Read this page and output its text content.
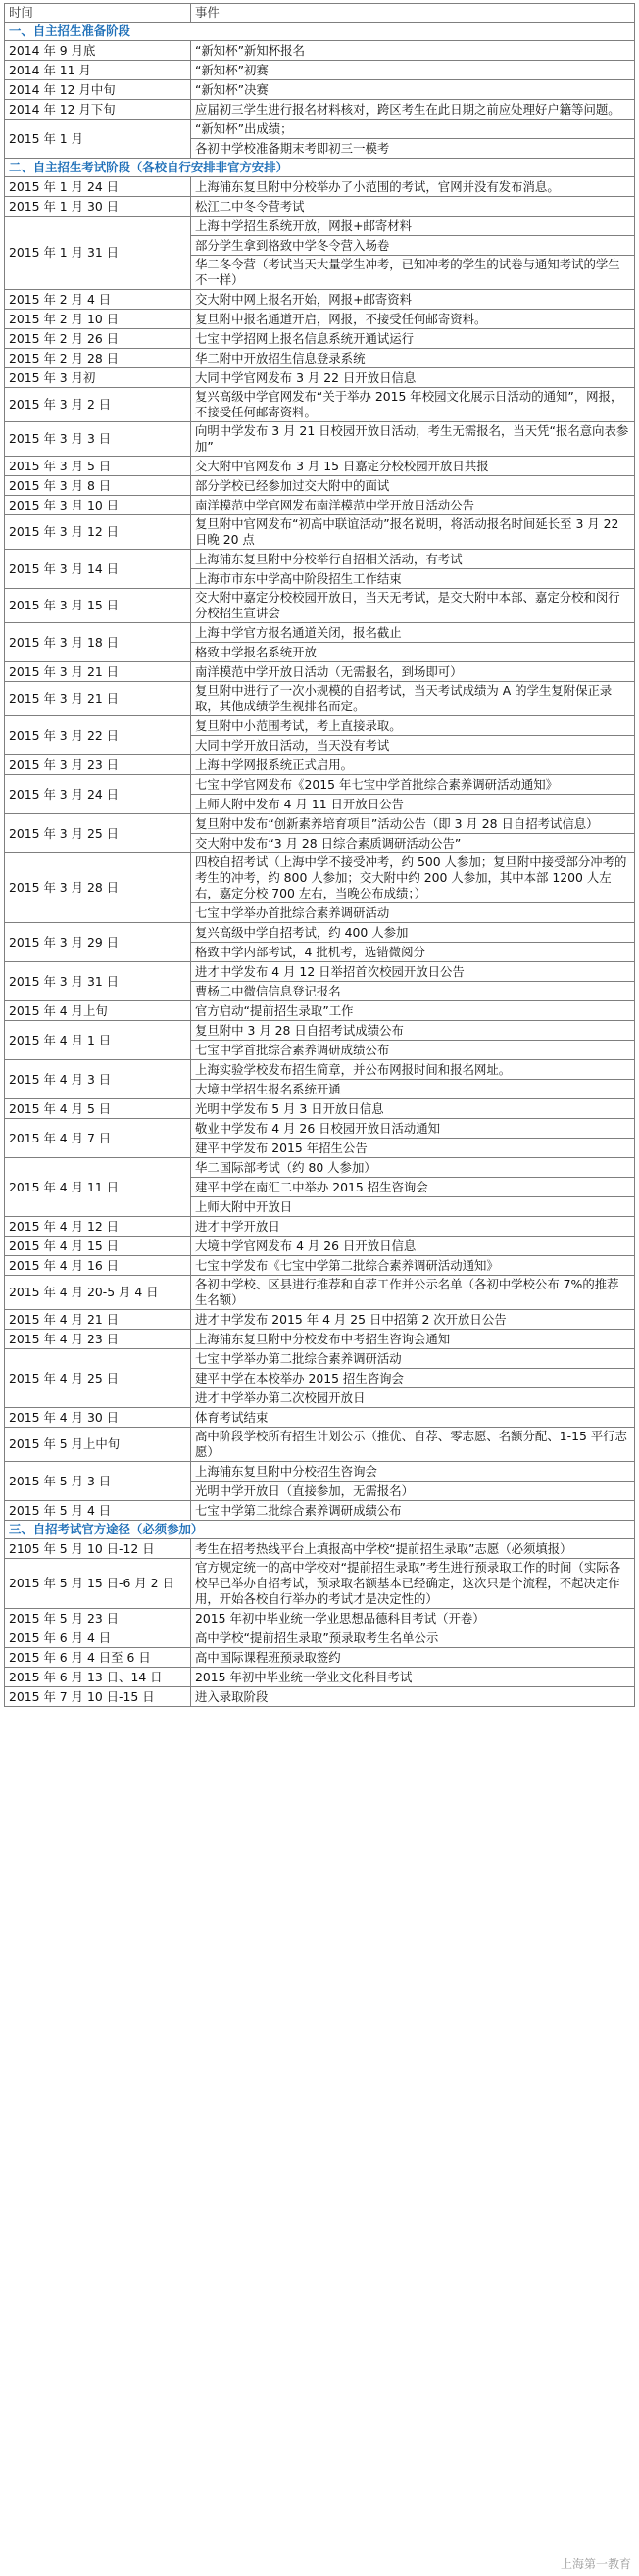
时间	事件
一、自主招生准备阶段	
2014 年 9 月底	“新知杯”新知杯报名
2014 年 11 月	“新知杯”初赛
2014 年 12 月中旬	“新知杯”决赛
2014 年 12 月下旬	应届初三学生进行报名材料核对，跨区考生在此日期之前应处理好户籍等问题。
2015 年 1 月	“新知杯”出成绩；
	各初中学校准备期末考即初三一模考
二、自主招生考试阶段（各校自行安排非官方安排）	
2015 年 1 月 24 日	上海浦东复旦附中分校举办了小范围的考试，官网并没有发布消息。
2015 年 1 月 30 日	松江二中冬令营考试
2015 年 1 月 31 日	上海中学招生系统开放，网报+邮寄材料
	部分学生拿到格致中学冬令营入场卷
	华二冬令营（考试当天大量学生冲考，已知冲考的学生的试卷与通知考试的学生不一样）
2015 年 2 月 4 日	交大附中网上报名开始，网报+邮寄资料
2015 年 2 月 10 日	复旦附中报名通道开启，网报，不接受任何邮寄资料。
2015 年 2 月 26 日	七宝中学招网上报名信息系统开通试运行
2015 年 2 月 28 日	华二附中开放招生信息登录系统
2015 年 3 月初	大同中学官网发布 3 月 22 日开放日信息
2015 年 3 月 2 日	复兴高级中学官网发布“关于举办 2015 年校园文化展示日活动的通知”，网报，不接受任何邮寄资料。
2015 年 3 月 3 日	向明中学发布 3 月 21 日校园开放日活动，考生无需报名，当天凭“报名意向表参加”
2015 年 3 月 5 日	交大附中官网发布 3 月 15 日嘉定分校校园开放日共报
2015 年 3 月 8 日	部分学校已经参加过交大附中的面试
2015 年 3 月 10 日	南洋模范中学官网发布南洋模范中学开放日活动公告
2015 年 3 月 12 日	复旦附中官网发布“初高中联谊活动”报名说明，将活动报名时间延长至 3 月 22 日晚 20 点
2015 年 3 月 14 日	上海浦东复旦附中分校举行自招相关活动，有考试
	上海市市东中学高中阶段招生工作结束
2015 年 3 月 15 日	交大附中嘉定分校校园开放日，当天无考试，是交大附中本部、嘉定分校和闵行分校招生宣讲会
2015 年 3 月 18 日	上海中学官方报名通道关闭，报名截止
	格致中学报名系统开放
2015 年 3 月 21 日	南洋模范中学开放日活动（无需报名，到场即可）
2015 年 3 月 21 日	复旦附中进行了一次小规模的自招考试，当天考试成绩为 A 的学生复附保正录取，其他成绩学生视排名而定。
2015 年 3 月 22 日	复旦附中小范围考试，考上直接录取。
	大同中学开放日活动，当天没有考试
2015 年 3 月 23 日	上海中学网报系统正式启用。
2015 年 3 月 24 日	七宝中学官网发布《2015 年七宝中学首批综合素养调研活动通知》
	上师大附中发布 4 月 11 日开放日公告
2015 年 3 月 25 日	复旦附中发布“创新素养培育项目”活动公告（即 3 月 28 日自招考试信息）
	交大附中发布“3 月 28 日综合素质调研活动公告”
2015 年 3 月 28 日	四校自招考试（上海中学不接受冲考，约 500 人参加；复旦附中接受部分冲考的考生的冲考，约 800 人参加；交大附中约 200 人参加，其中本部 1200 人左右，嘉定分校 700 左右，当晚公布成绩；）
	七宝中学举办首批综合素养调研活动
2015 年 3 月 29 日	复兴高级中学自招考试，约 400 人参加
	格致中学内部考试，4 批机考，选错微阅分
2015 年 3 月 31 日	进才中学发布 4 月 12 日举招首次校园开放日公告
	曹杨二中微信信息登记报名
2015 年 4 月上旬	官方启动“提前招生录取”工作
2015 年 4 月 1 日	复旦附中 3 月 28 日自招考试成绩公布
	七宝中学首批综合素养调研成绩公布
2015 年 4 月 3 日	上海实验学校发布招生简章，并公布网报时间和报名网址。
	大境中学招生报名系统开通
2015 年 4 月 5 日	光明中学发布 5 月 3 日开放日信息
2015 年 4 月 7 日	敬业中学发布 4 月 26 日校园开放日活动通知
	建平中学发布 2015 年招生公告
2015 年 4 月 11 日	华二国际部考试（约 80 人参加）
	建平中学在南汇二中举办 2015 招生咨询会
	上师大附中开放日
2015 年 4 月 12 日	进才中学开放日
2015 年 4 月 15 日	大境中学官网发布 4 月 26 日开放日信息
2015 年 4 月 16 日	七宝中学发布《七宝中学第二批综合素养调研活动通知》
2015 年 4 月 20-5 月 4 日	各初中学校、区县进行推荐和自荐工作并公示名单（各初中学校公布 7%的推荐生名额）
2015 年 4 月 21 日	进才中学发布 2015 年 4 月 25 日中招第 2 次开放日公告
2015 年 4 月 23 日	上海浦东复旦附中分校发布中考招生咨询会通知
2015 年 4 月 25 日	七宝中学举办第二批综合素养调研活动
	建平中学在本校举办 2015 招生咨询会
	进才中学举办第二次校园开放日
2015 年 4 月 30 日	体育考试结束
2015 年 5 月上中旬	高中阶段学校所有招生计划公示（推优、自荐、零志愿、名额分配、1-15 平行志愿）
2015 年 5 月 3 日	上海浦东复旦附中分校招生咨询会
	光明中学开放日（直接参加，无需报名）
2015 年 5 月 4 日	七宝中学第二批综合素养调研成绩公布
三、自招考试官方途径（必须参加）	
2105 年 5 月 10 日-12 日	考生在招考热线平台上填报高中学校“提前招生录取”志愿（必须填报）
2015 年 5 月 15 日-6 月 2 日	官方规定统一的高中学校对“提前招生录取”考生进行预录取工作的时间（实际各校早已举办自招考试，预录取名额基本已经确定，这次只是个流程，不起决定作用，开始各校自行举办的考试才是决定性的）
2015 年 5 月 23 日	2015 年初中毕业统一学业思想品德科目考试（开卷）
2015 年 6 月 4 日	高中学校“提前招生录取”预录取考生名单公示
2015 年 6 月 4 日至 6 日	高中国际课程班预录取签约
2015 年 6 月 13 日、14 日	2015 年初中毕业统一学业文化科目考试
2015 年 7 月 10 日-15 日	进入录取阶段
上海第一教育
